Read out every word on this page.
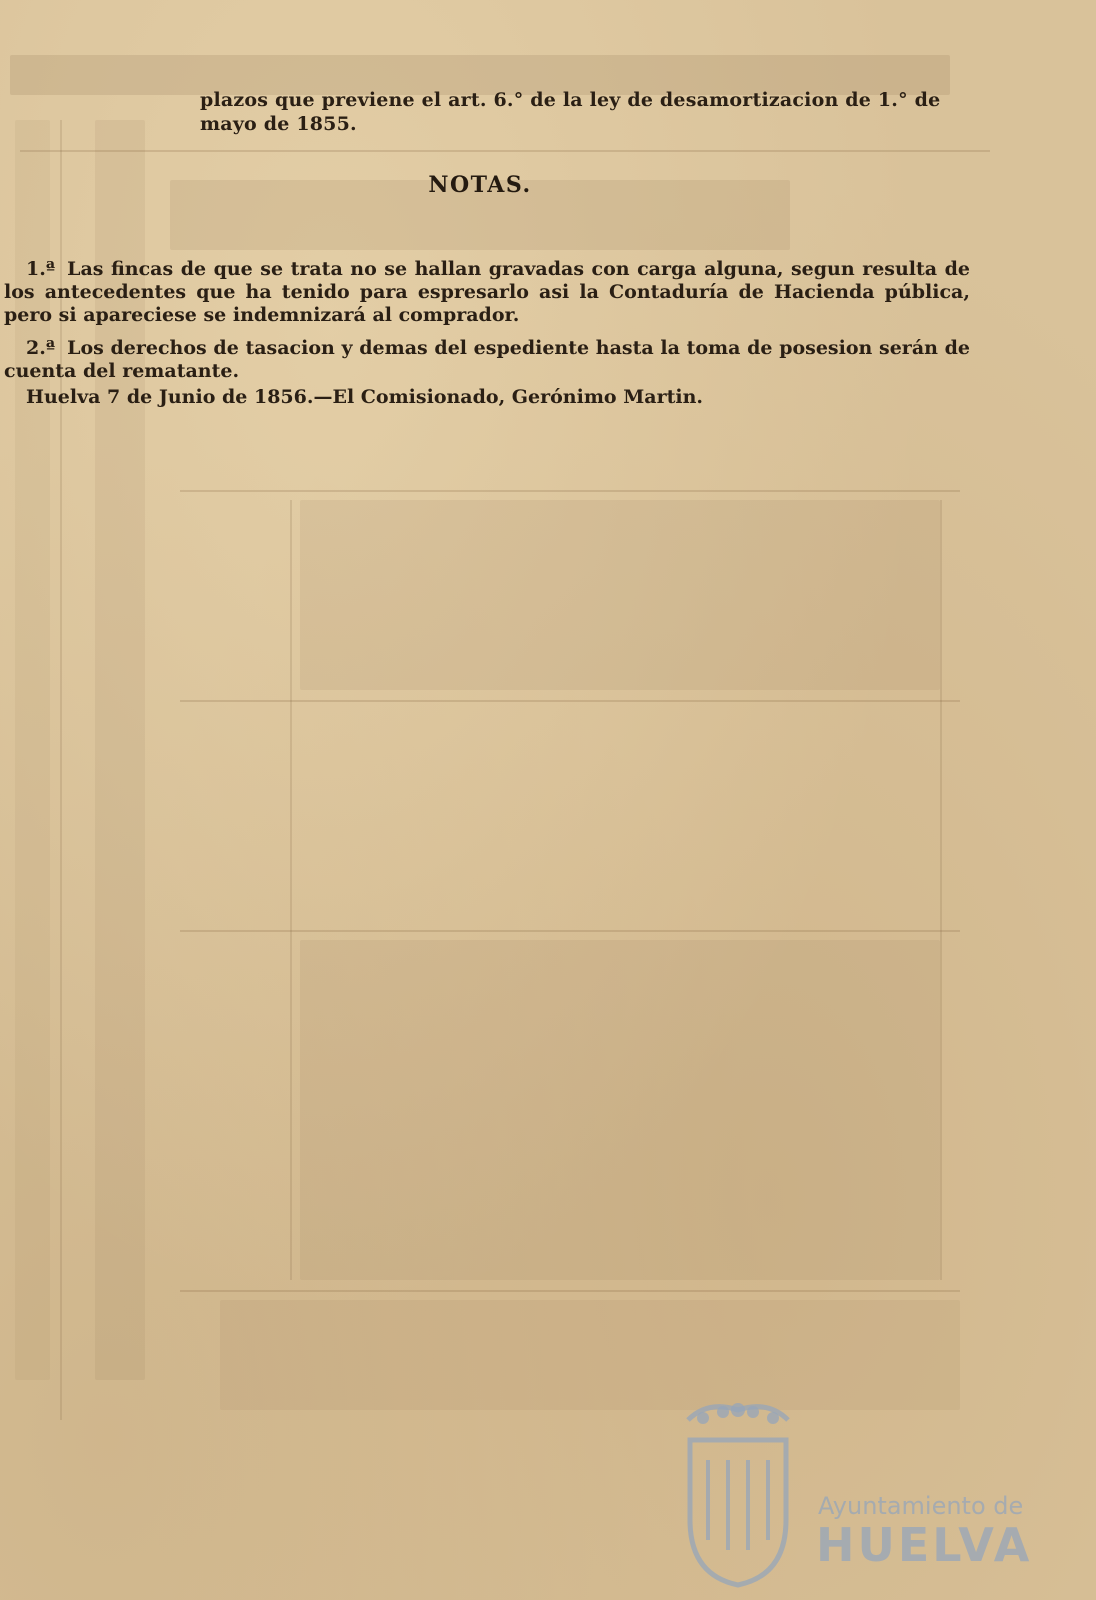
plazos que previene el art. 6.° de la ley de desamortizacion de 1.° de mayo de 1855.
NOTAS.
1.ª Las fincas de que se trata no se hallan gravadas con carga alguna, segun resulta de los antecedentes que ha tenido para espresarlo asi la Contaduría de Hacienda pública, pero si apareciese se indemnizará al comprador.
2.ª Los derechos de tasacion y demas del espediente hasta la toma de posesion serán de cuenta del rematante.
Huelva 7 de Junio de 1856.—El Comisionado, Gerónimo Martin.
Ayuntamiento de
HUELVA
